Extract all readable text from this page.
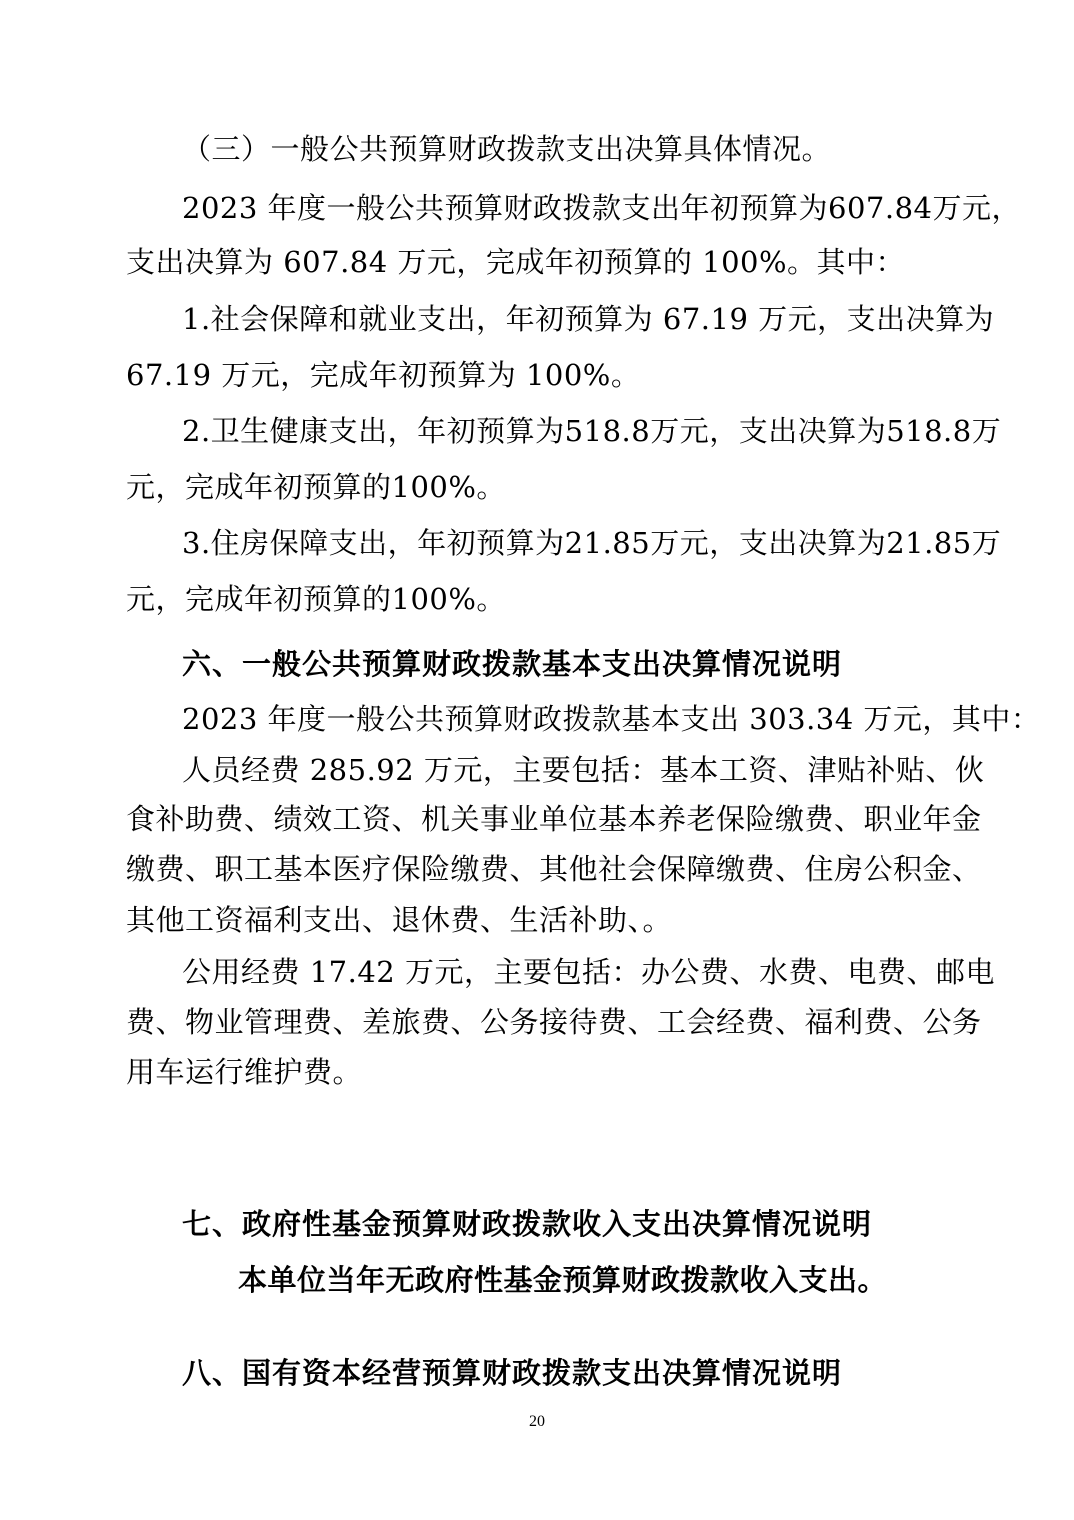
（三）一般公共预算财政拨款支出决算具体情况。
2023 年度一般公共预算财政拨款支出年初预算为607.84万元，
支出决算为 607.84 万元，完成年初预算的 100%。其中：
1.社会保障和就业支出，年初预算为 67.19 万元，支出决算为
67.19 万元，完成年初预算为 100%。
2.卫生健康支出，年初预算为518.8万元，支出决算为518.8万
元，完成年初预算的100%。
3.住房保障支出，年初预算为21.85万元，支出决算为21.85万
元，完成年初预算的100%。
六、一般公共预算财政拨款基本支出决算情况说明
2023 年度一般公共预算财政拨款基本支出 303.34 万元，其中：
人员经费 285.92 万元，主要包括：基本工资、津贴补贴、伙
食补助费、绩效工资、机关事业单位基本养老保险缴费、职业年金
缴费、职工基本医疗保险缴费、其他社会保障缴费、住房公积金、
其他工资福利支出、退休费、生活补助、。
公用经费 17.42 万元，主要包括：办公费、水费、电费、邮电
费、物业管理费、差旅费、公务接待费、工会经费、福利费、公务
用车运行维护费。
七、政府性基金预算财政拨款收入支出决算情况说明
本单位当年无政府性基金预算财政拨款收入支出。
八、国有资本经营预算财政拨款支出决算情况说明
20
